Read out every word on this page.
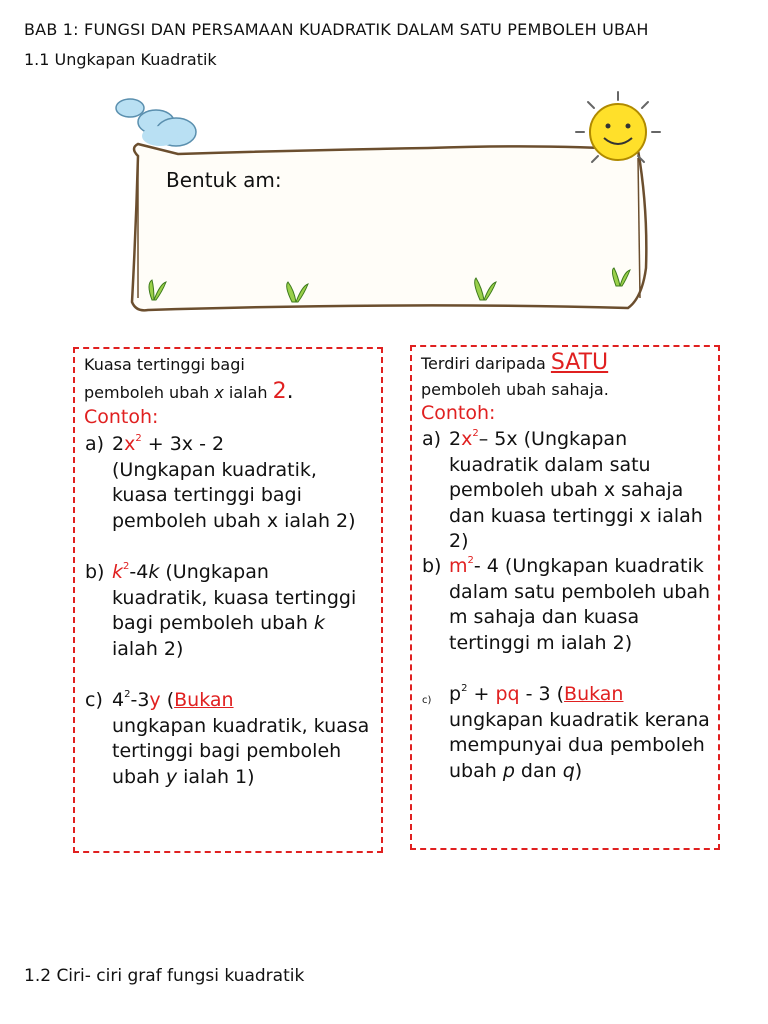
BAB 1: FUNGSI DAN PERSAMAAN KUADRATIK DALAM SATU PEMBOLEH UBAH
1.1 Ungkapan Kuadratik
Bentuk am:
Kuasa tertinggi bagi
pemboleh ubah x ialah 2.
Contoh:
a) $2x^2 + 3x - 2$
(Ungkapan kuadratik, kuasa tertinggi bagi pemboleh ubah x ialah 2)
b) $k^2-4k$ (Ungkapan kuadratik, kuasa tertinggi bagi pemboleh ubah k ialah 2)
c) $4^2-3y$ (Bukan
ungkapan kuadratik, kuasa tertinggi bagi pemboleh ubah y ialah 1)
Terdiri daripada SATU
pemboleh ubah sahaja.
Contoh:
a) $2x^2-$ 5x (Ungkapan kuadratik dalam satu pemboleh ubah x sahaja dan kuasa tertinggi x ialah 2)
b) $m^2-$ 4 (Ungkapan kuadratik dalam satu pemboleh ubah m sahaja dan kuasa tertinggi m ialah 2)
c) $p^2$ + pq - 3 (Bukan
ungkapan kuadratik kerana mempunyai dua pemboleh ubah p dan q)
1.2 Ciri- ciri graf fungsi kuadratik
